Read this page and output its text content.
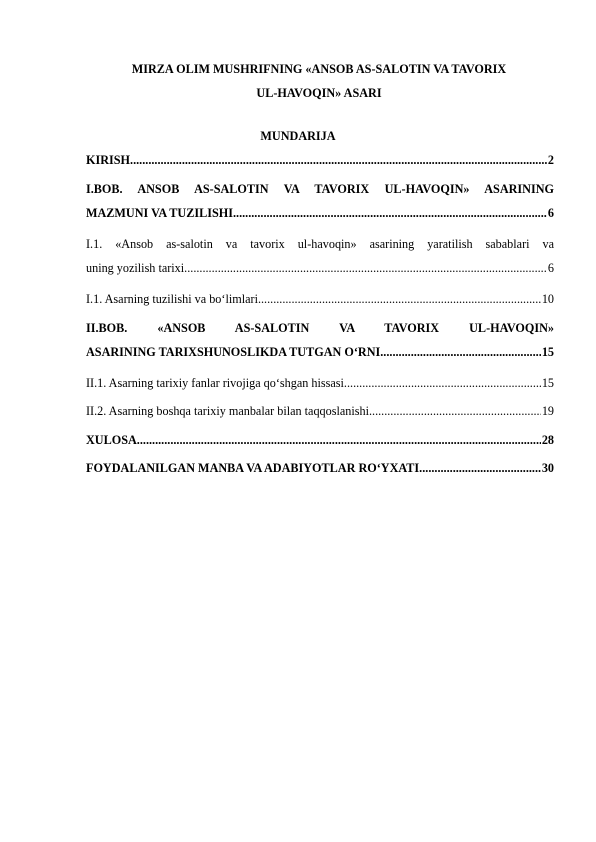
MIRZA OLIM MUSHRIFNING «ANSOB AS-SALOTIN VA TAVORIX
UL-HAVOQIN» ASARI
MUNDARIJA
KIRISH .....	2
I.BOB. ANSOB AS-SALOTIN VA TAVORIX UL-HAVOQIN» ASARINING
MAZMUNI VA TUZILISHI .....	6
I.1. «Ansob as-salotin va tavorix ul-havoqin» asarining yaratilish sabablari va
uning yozilish tarixi .....	6
I.1. Asarning tuzilishi va bo‘limlari .....	10
II.BOB. «ANSOB AS-SALOTIN VA TAVORIX UL-HAVOQIN»
ASARINING TARIXSHUNOSLIKDA TUTGAN O‘RNI .....	15
II.1. Asarning tarixiy fanlar rivojiga qo‘shgan hissasi .....	15
II.2. Asarning boshqa tarixiy manbalar bilan taqqoslanishi .....	19
XULOSA .....	28
FOYDALANILGAN MANBA VA ADABIYOTLAR RO‘YXATI .....	30
